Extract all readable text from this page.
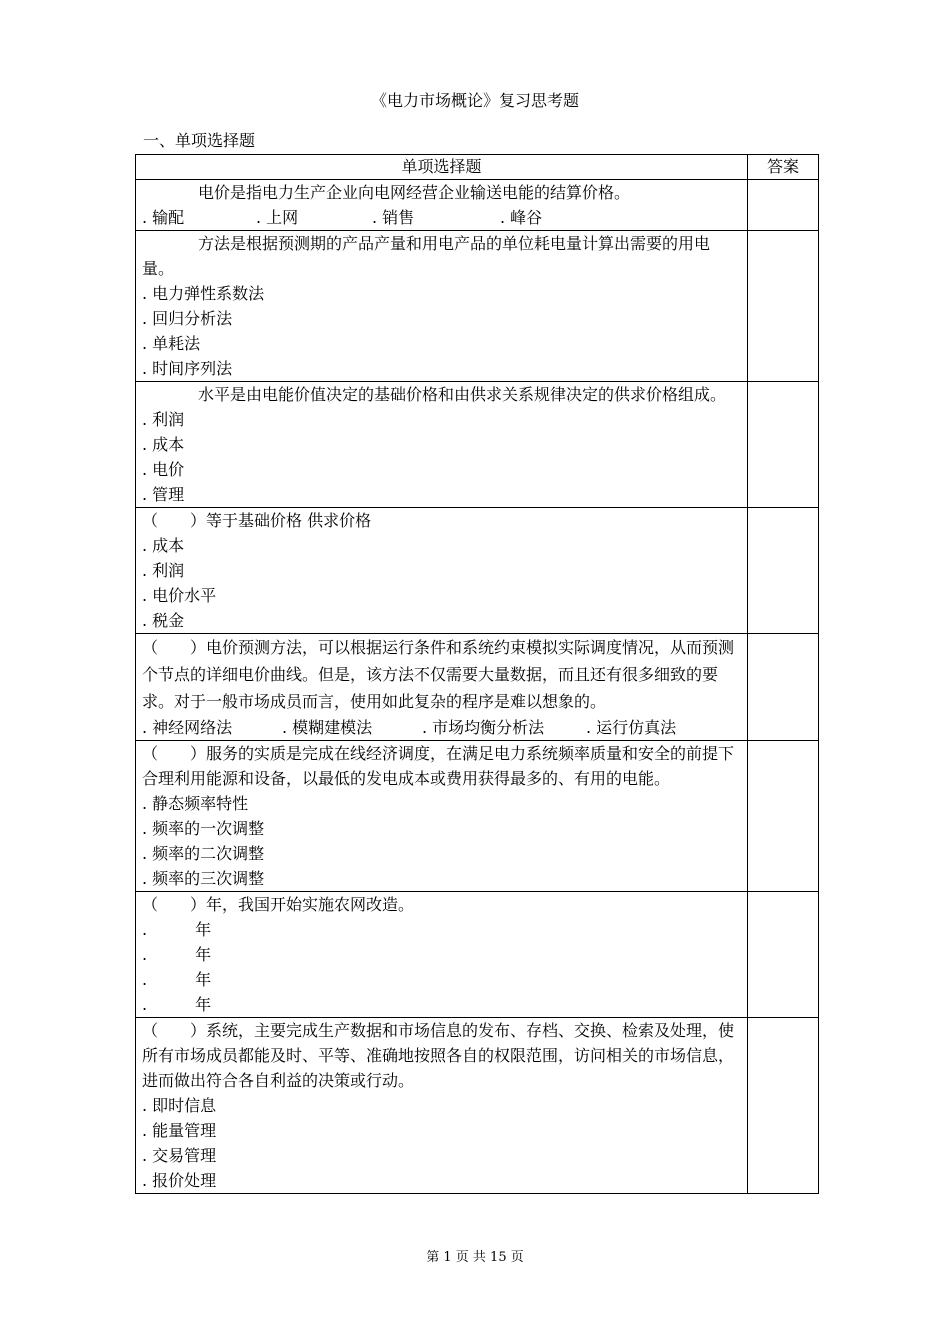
《电力市场概论》复习思考题
一、单项选择题
单项选择题	答案

电价是指电力生产企业向电网经营企业输送电能的结算价格。
. 输配 . 上网 . 销售 . 峰谷	

方法是根据预测期的产品产量和用电产品的单位耗电量计算出需要的用电量。
. 电力弹性系数法
. 回归分析法
. 单耗法
. 时间序列法	

水平是由电能价值决定的基础价格和由供求关系规律决定的供求价格组成。
. 利润
. 成本
. 电价
. 管理	

（　　）等于基础价格 供求价格
. 成本
. 利润
. 电价水平
. 税金	

（　　）电价预测方法，可以根据运行条件和系统约束模拟实际调度情况，从而预测个节点的详细电价曲线。但是，该方法不仅需要大量数据，而且还有很多细致的要求。对于一般市场成员而言，使用如此复杂的程序是难以想象的。
. 神经网络法 . 模糊建模法 . 市场均衡分析法 . 运行仿真法	

（　　）服务的实质是完成在线经济调度，在满足电力系统频率质量和安全的前提下合理利用能源和设备，以最低的发电成本或费用获得最多的、有用的电能。
. 静态频率特性
. 频率的一次调整
. 频率的二次调整
. 频率的三次调整	

（　　）年，我国开始实施农网改造。
.　　　年
.　　　年
.　　　年
.　　　年	

（　　）系统，主要完成生产数据和市场信息的发布、存档、交换、检索及处理，使所有市场成员都能及时、平等、准确地按照各自的权限范围，访问相关的市场信息，进而做出符合各自利益的决策或行动。
. 即时信息
. 能量管理
. 交易管理
. 报价处理	

第 1 页 共 15 页
